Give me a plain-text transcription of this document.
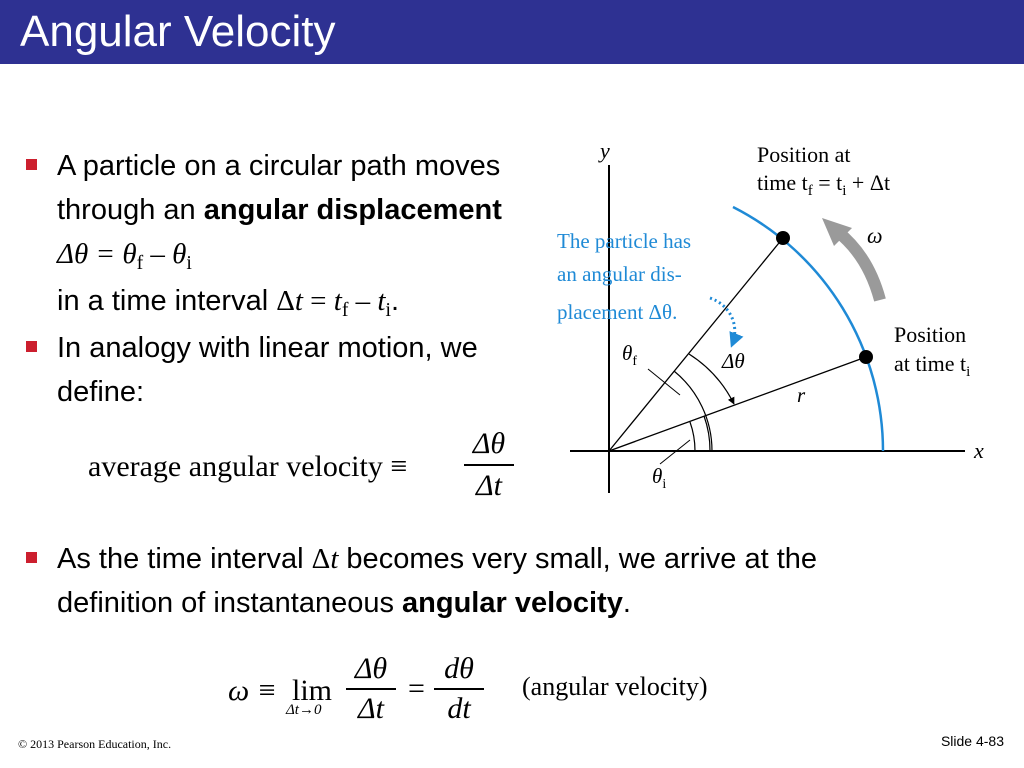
Angular Velocity
A particle on a circular path moves through an angular displacement Δθ = θf – θi
in a time interval Δt = tf – ti.
In analogy with linear motion, we define:
average angular velocity ≡
Δθ
Δt
As the time interval Δt becomes very small, we arrive at the definition of instantaneous angular velocity.
ω ≡ lim
Δt→0
Δθ
Δt
=
dθ
dt
(angular velocity)
y
x
Position at
time $t_f = t_i + \Delta t$
ω
The particle has
an angular dis-
placement Δθ.
$\theta_f$	Δθ
Position
at time $t_i$
r
$\theta_i$
© 2013 Pearson Education, Inc.	Slide 4-83
